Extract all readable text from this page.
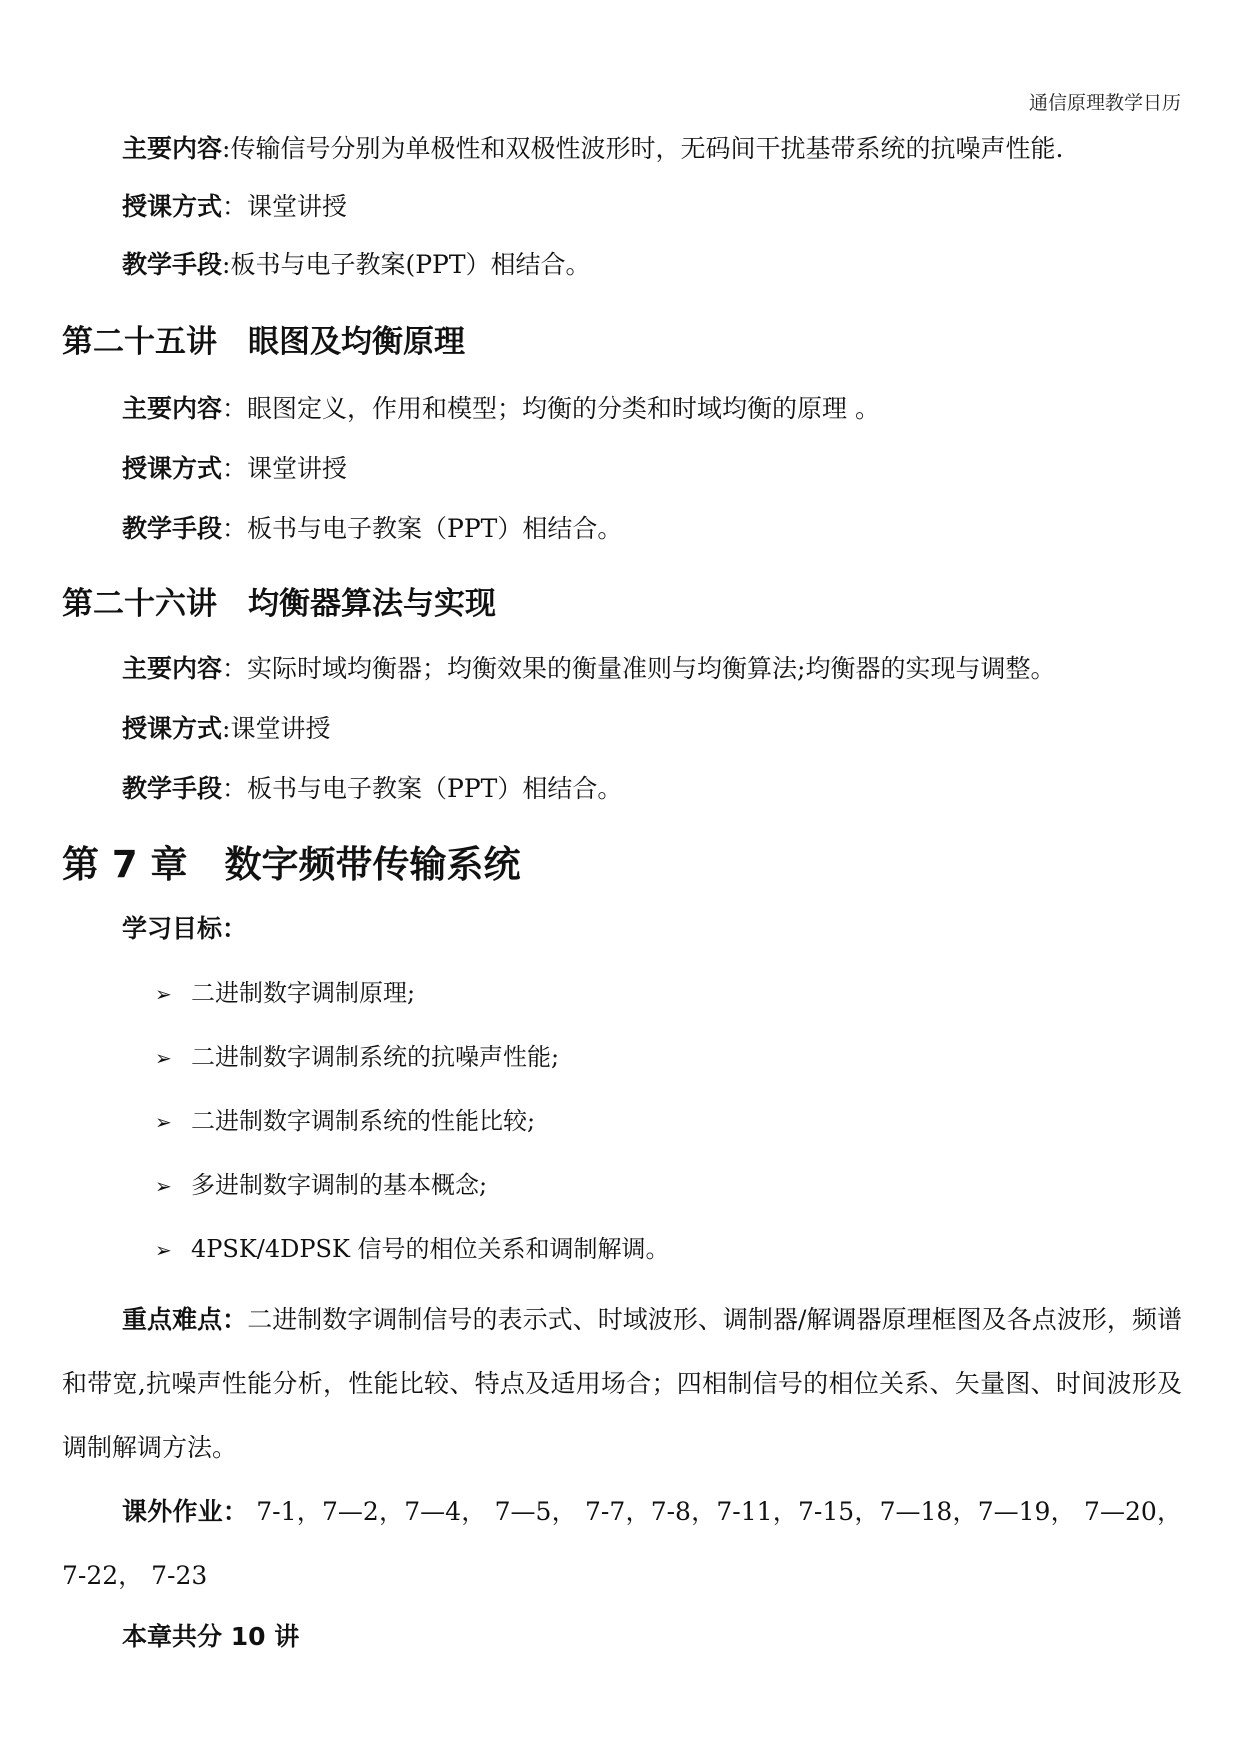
通信原理教学日历
主要内容:传输信号分别为单极性和双极性波形时，无码间干扰基带系统的抗噪声性能.
授课方式：课堂讲授
教学手段:板书与电子教案(PPT）相结合。
第二十五讲　眼图及均衡原理
主要内容：眼图定义，作用和模型；均衡的分类和时域均衡的原理 。
授课方式：课堂讲授
教学手段：板书与电子教案（PPT）相结合。
第二十六讲　均衡器算法与实现
主要内容：实际时域均衡器；均衡效果的衡量准则与均衡算法;均衡器的实现与调整。
授课方式:课堂讲授
教学手段：板书与电子教案（PPT）相结合。
第 7 章　数字频带传输系统
学习目标：
➢ 二进制数字调制原理;
➢ 二进制数字调制系统的抗噪声性能;
➢ 二进制数字调制系统的性能比较;
➢ 多进制数字调制的基本概念;
➢ 4PSK/4DPSK 信号的相位关系和调制解调。
重点难点：二进制数字调制信号的表示式、时域波形、调制器/解调器原理框图及各点波形，频谱和带宽,抗噪声性能分析，性能比较、特点及适用场合；四相制信号的相位关系、矢量图、时间波形及调制解调方法。
课外作业： 7-1，7—2，7—4， 7—5， 7-7，7-8，7-11，7-15，7—18，7—19， 7—20，7-22， 7-23
本章共分 10 讲
